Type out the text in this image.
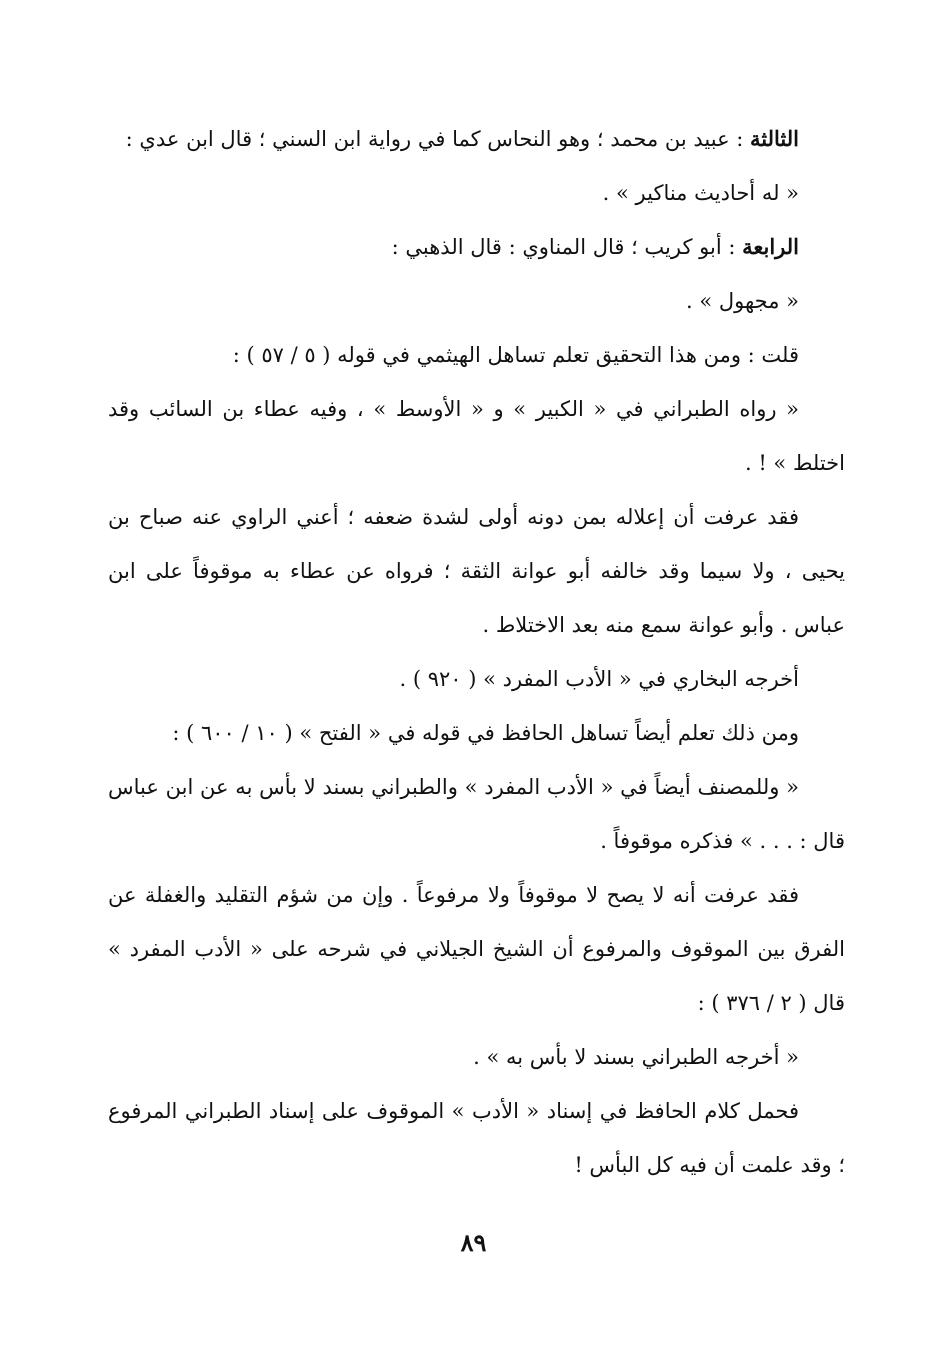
الثالثة : عبيد بن محمد ؛ وهو النحاس كما في رواية ابن السني ؛ قال ابن عدي :

« له أحاديث مناكير » .

الرابعة : أبو كريب ؛ قال المناوي : قال الذهبي :

« مجهول » .

قلت : ومن هذا التحقيق تعلم تساهل الهيثمي في قوله ( ٥ / ٥٧ ) :

« رواه الطبراني في « الكبير » و « الأوسط » ، وفيه عطاء بن السائب وقد اختلط » ! .

فقد عرفت أن إعلاله بمن دونه أولى لشدة ضعفه ؛ أعني الراوي عنه صباح بن يحيى ، ولا سيما وقد خالفه أبو عوانة الثقة ؛ فرواه عن عطاء به موقوفاً على ابن عباس . وأبو عوانة سمع منه بعد الاختلاط .

أخرجه البخاري في « الأدب المفرد » ( ٩٢٠ ) .

ومن ذلك تعلم أيضاً تساهل الحافظ في قوله في « الفتح » ( ١٠ / ٦٠٠ ) :

« وللمصنف أيضاً في « الأدب المفرد » والطبراني بسند لا بأس به عن ابن عباس قال : . . . » فذكره موقوفاً .

فقد عرفت أنه لا يصح لا موقوفاً ولا مرفوعاً . وإن من شؤم التقليد والغفلة عن الفرق بين الموقوف والمرفوع أن الشيخ الجيلاني في شرحه على « الأدب المفرد » قال ( ٢ / ٣٧٦ ) :

« أخرجه الطبراني بسند لا بأس به » .

فحمل كلام الحافظ في إسناد « الأدب » الموقوف على إسناد الطبراني المرفوع ؛ وقد علمت أن فيه كل البأس !

٨٩
